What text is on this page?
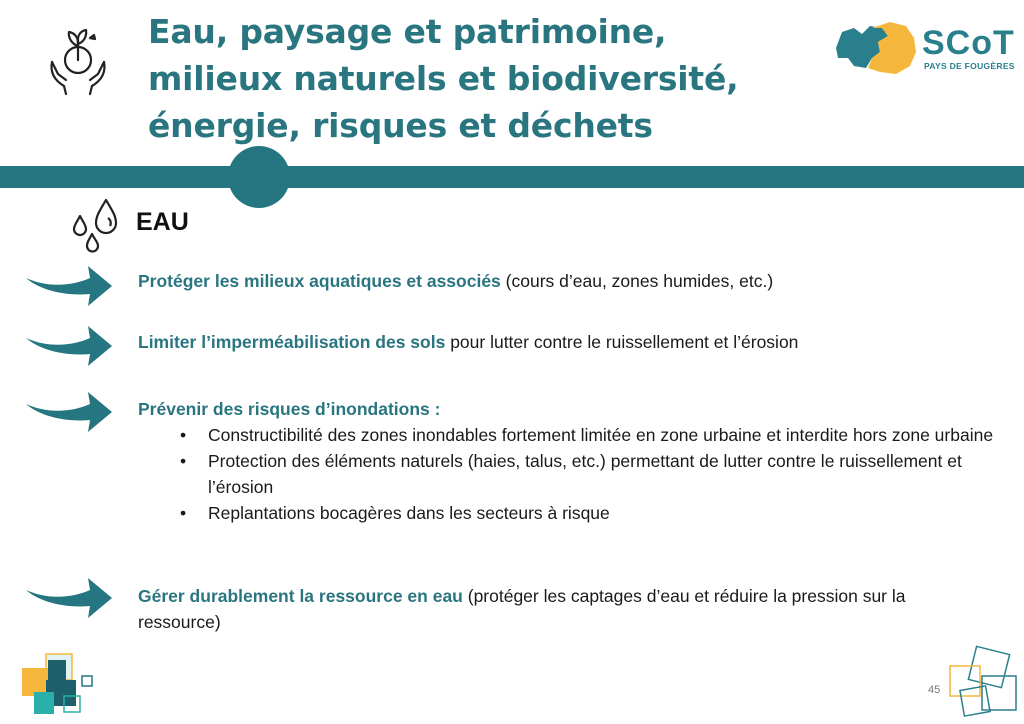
Eau, paysage et patrimoine,
milieux naturels et biodiversité,
énergie, risques et déchets
SCoT
PAYS DE FOUGÈRES
EAU
Protéger les milieux aquatiques et associés (cours d’eau, zones humides, etc.)
Limiter l’imperméabilisation des sols pour lutter contre le ruissellement et l’érosion
Prévenir des risques d’inondations :
• Constructibilité des zones inondables fortement limitée en zone urbaine et interdite hors zone urbaine
• Protection des éléments naturels (haies, talus, etc.) permettant de lutter contre le ruissellement et l’érosion
• Replantations bocagères dans les secteurs à risque
Gérer durablement la ressource en eau (protéger les captages d’eau et réduire la pression sur la ressource)
45
